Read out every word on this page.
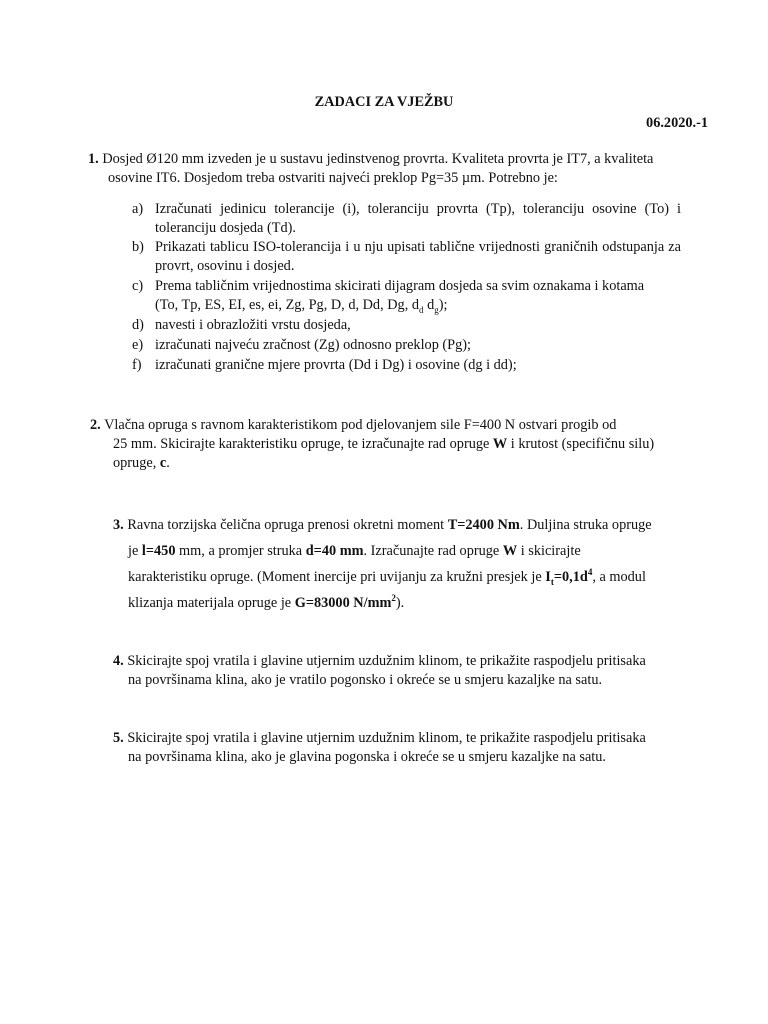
ZADACI ZA VJEŽBU
06.2020.-1
1. Dosjed Ø120 mm izveden je u sustavu jedinstvenog provrta. Kvaliteta provrta je IT7, a kvaliteta
osovine IT6. Dosjedom treba ostvariti najveći preklop Pg=35 µm. Potrebno je:
a) Izračunati jedinicu tolerancije (i), toleranciju provrta (Tp), toleranciju osovine (To) i toleranciju dosjeda (Td).
b) Prikazati tablicu ISO-tolerancija i u nju upisati tablične vrijednosti graničnih odstupanja za provrt, osovinu i dosjed.
c) Prema tabličnim vrijednostima skicirati dijagram dosjeda sa svim oznakama i kotama
(To, Tp, ES, EI, es, ei, Zg, Pg, D, d, Dd, Dg, $d_d$ $d_g$);
d) navesti i obrazložiti vrstu dosjeda,
e) izračunati najveću zračnost (Zg) odnosno preklop (Pg);
f) izračunati granične mjere provrta (Dd i Dg) i osovine (dg i dd);
2. Vlačna opruga s ravnom karakteristikom pod djelovanjem sile F=400 N ostvari progib od
25 mm. Skicirajte karakteristiku opruge, te izračunajte rad opruge W i krutost (specifičnu silu)
opruge, c.
3. Ravna torzijska čelična opruga prenosi okretni moment T=2400 Nm. Duljina struka opruge
je l=450 mm, a promjer struka d=40 mm. Izračunajte rad opruge W i skicirajte
karakteristiku opruge. (Moment inercije pri uvijanju za kružni presjek je $I_t=0,1d^4$, a modul
klizanja materijala opruge je G=83000 $N/mm^2$).
4. Skicirajte spoj vratila i glavine utjernim uzdužnim klinom, te prikažite raspodjelu pritisaka
na površinama klina, ako je vratilo pogonsko i okreće se u smjeru kazaljke na satu.
5. Skicirajte spoj vratila i glavine utjernim uzdužnim klinom, te prikažite raspodjelu pritisaka
na površinama klina, ako je glavina pogonska i okreće se u smjeru kazaljke na satu.
